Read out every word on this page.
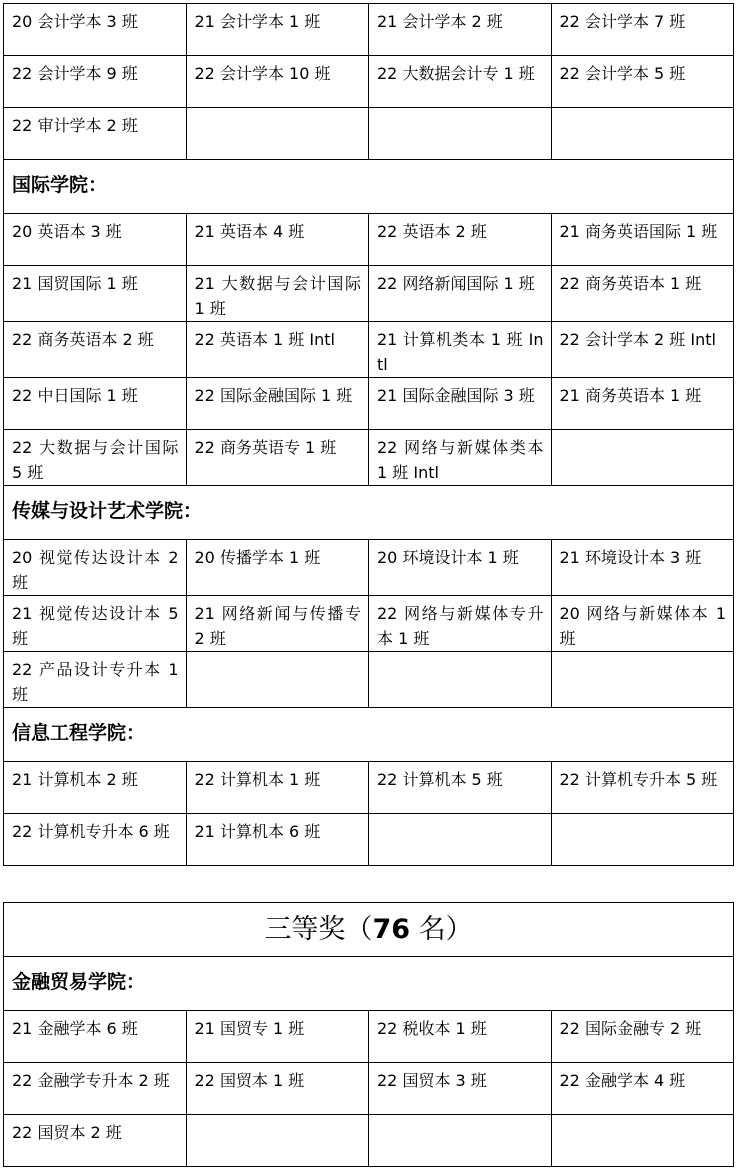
20 会计学本 3 班	21 会计学本 1 班	21 会计学本 2 班	22 会计学本 7 班
22 会计学本 9 班	22 会计学本 10 班	22 大数据会计专 1 班	22 会计学本 5 班
22 审计学本 2 班			
国际学院：			
20 英语本 3 班	21 英语本 4 班	22 英语本 2 班	21 商务英语国际 1 班
21 国贸国际 1 班	21 大数据与会计国际 1 班	22 网络新闻国际 1 班	22 商务英语本 1 班
22 商务英语本 2 班	22 英语本 1 班 Intl	21 计算机类本 1 班 Intl	22 会计学本 2 班 Intl
22 中日国际 1 班	22 国际金融国际 1 班	21 国际金融国际 3 班	21 商务英语本 1 班
22 大数据与会计国际 5 班	22 商务英语专 1 班	22 网络与新媒体类本 1 班 Intl	
传媒与设计艺术学院：			
20 视觉传达设计本 2 班	20 传播学本 1 班	20 环境设计本 1 班	21 环境设计本 3 班
21 视觉传达设计本 5 班	21 网络新闻与传播专 2 班	22 网络与新媒体专升本 1 班	20 网络与新媒体本 1 班
22 产品设计专升本 1 班			
信息工程学院：			
21 计算机本 2 班	22 计算机本 1 班	22 计算机本 5 班	22 计算机专升本 5 班
22 计算机专升本 6 班	21 计算机本 6 班		
三等奖（76 名）			
金融贸易学院：			
21 金融学本 6 班	21 国贸专 1 班	22 税收本 1 班	22 国际金融专 2 班
22 金融学专升本 2 班	22 国贸本 1 班	22 国贸本 3 班	22 金融学本 4 班
22 国贸本 2 班			
